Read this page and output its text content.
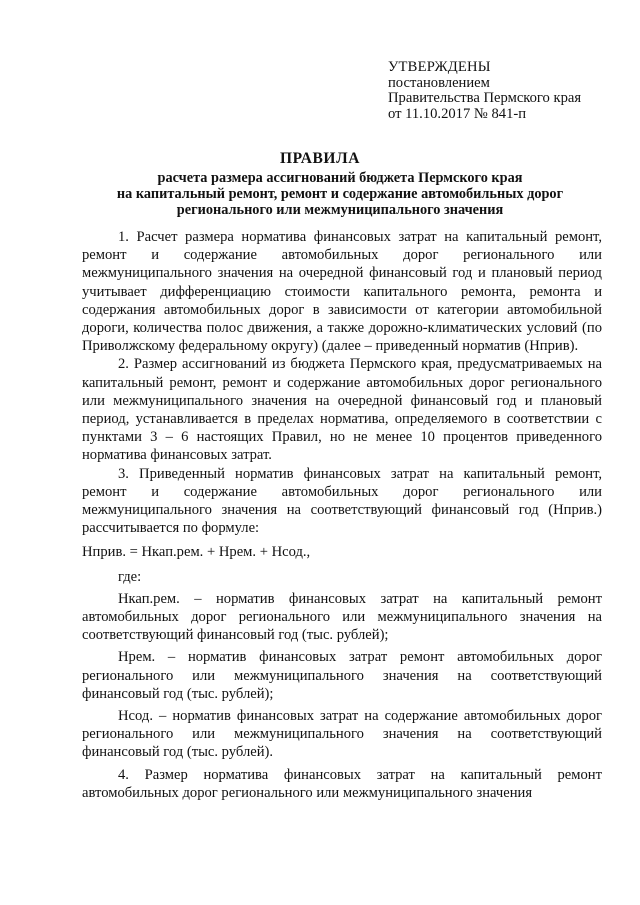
УТВЕРЖДЕНЫ
постановлением
Правительства Пермского края
от 11.10.2017 № 841-п
ПРАВИЛА
расчета размера ассигнований бюджета Пермского края
на капитальный ремонт, ремонт и содержание автомобильных дорог
регионального или межмуниципального значения

1. Расчет размера норматива финансовых затрат на капитальный ремонт, ремонт и содержание автомобильных дорог регионального или межмуниципального значения на очередной финансовый год и плановый период учитывает дифференциацию стоимости капитального ремонта, ремонта и содержания автомобильных дорог в зависимости от категории автомобильной дороги, количества полос движения, а также дорожно-климатических условий (по Приволжскому федеральному округу) (далее – приведенный норматив (Нприв).

2. Размер ассигнований из бюджета Пермского края, предусматриваемых на капитальный ремонт, ремонт и содержание автомобильных дорог регионального или межмуниципального значения на очередной финансовый год и плановый период, устанавливается в пределах норматива, определяемого в соответствии с пунктами 3 – 6 настоящих Правил, но не менее 10 процентов приведенного норматива финансовых затрат.

3. Приведенный норматив финансовых затрат на капитальный ремонт, ремонт и содержание автомобильных дорог регионального или межмуниципального значения на соответствующий финансовый год (Нприв.) рассчитывается по формуле:

Нприв. = Нкап.рем. + Нрем. + Нсод.,

где:

Нкап.рем. – норматив финансовых затрат на капитальный ремонт автомобильных дорог регионального или межмуниципального значения на соответствующий финансовый год (тыс. рублей);

Нрем. – норматив финансовых затрат ремонт автомобильных дорог регионального или межмуниципального значения на соответствующий финансовый год (тыс. рублей);

Нсод. – норматив финансовых затрат на содержание автомобильных дорог регионального или межмуниципального значения на соответствующий финансовый год (тыс. рублей).

4. Размер норматива финансовых затрат на капитальный ремонт автомобильных дорог регионального или межмуниципального значения
